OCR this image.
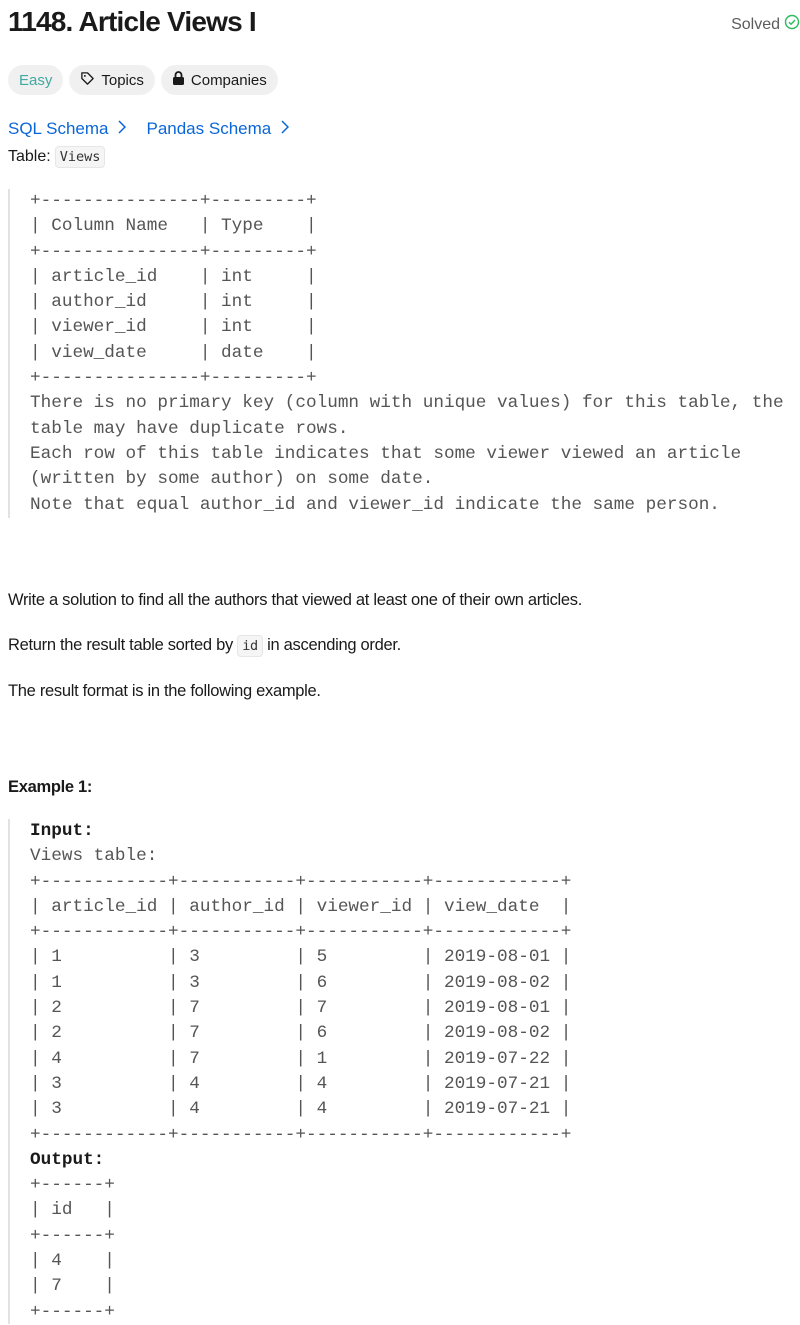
1148. Article Views I	Solved
Easy	Topics	Companies
SQL Schema Pandas Schema
Table: Views
+---------------+---------+
| Column Name   | Type    |
+---------------+---------+
| article_id    | int     |
| author_id     | int     |
| viewer_id     | int     |
| view_date     | date    |
+---------------+---------+
There is no primary key (column with unique values) for this table, the
table may have duplicate rows.
Each row of this table indicates that some viewer viewed an article
(written by some author) on some date.
Note that equal author_id and viewer_id indicate the same person.
Write a solution to find all the authors that viewed at least one of their own articles.
Return the result table sorted by id in ascending order.
The result format is in the following example.
Example 1:
Input:
Views table:
+------------+-----------+-----------+------------+
| article_id | author_id | viewer_id | view_date  |
+------------+-----------+-----------+------------+
| 1          | 3         | 5         | 2019-08-01 |
| 1          | 3         | 6         | 2019-08-02 |
| 2          | 7         | 7         | 2019-08-01 |
| 2          | 7         | 6         | 2019-08-02 |
| 4          | 7         | 1         | 2019-07-22 |
| 3          | 4         | 4         | 2019-07-21 |
| 3          | 4         | 4         | 2019-07-21 |
+------------+-----------+-----------+------------+
Output:
+------+
| id   |
+------+
| 4    |
| 7    |
+------+
